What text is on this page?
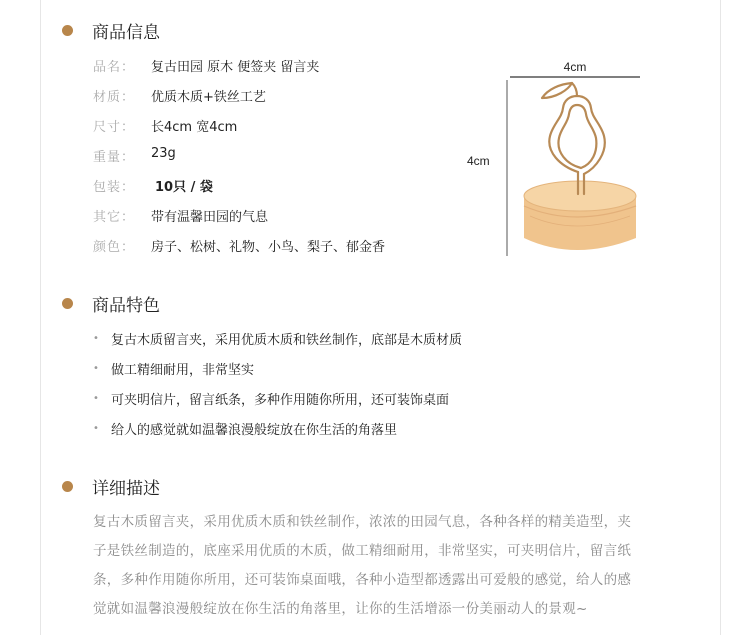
商品信息
品名：	复古田园 原木 便签夹 留言夹
材质：	优质木质+铁丝工艺
尺寸：	长4cm 宽4cm
重量：	23g
包装：	10只 / 袋
其它：	带有温馨田园的气息
颜色：	房子、松树、礼物、小鸟、梨子、郁金香
4cm
4cm
商品特色
• 复古木质留言夹，采用优质木质和铁丝制作，底部是木质材质
• 做工精细耐用，非常坚实
• 可夹明信片，留言纸条，多种作用随你所用，还可装饰桌面
• 给人的感觉就如温馨浪漫般绽放在你生活的角落里
详细描述
复古木质留言夹，采用优质木质和铁丝制作，浓浓的田园气息，各种各样的精美造型，夹
子是铁丝制造的，底座采用优质的木质，做工精细耐用，非常坚实，可夹明信片，留言纸
条，多种作用随你所用，还可装饰桌面哦，各种小造型都透露出可爱般的感觉，给人的感
觉就如温馨浪漫般绽放在你生活的角落里，让你的生活增添一份美丽动人的景观~
